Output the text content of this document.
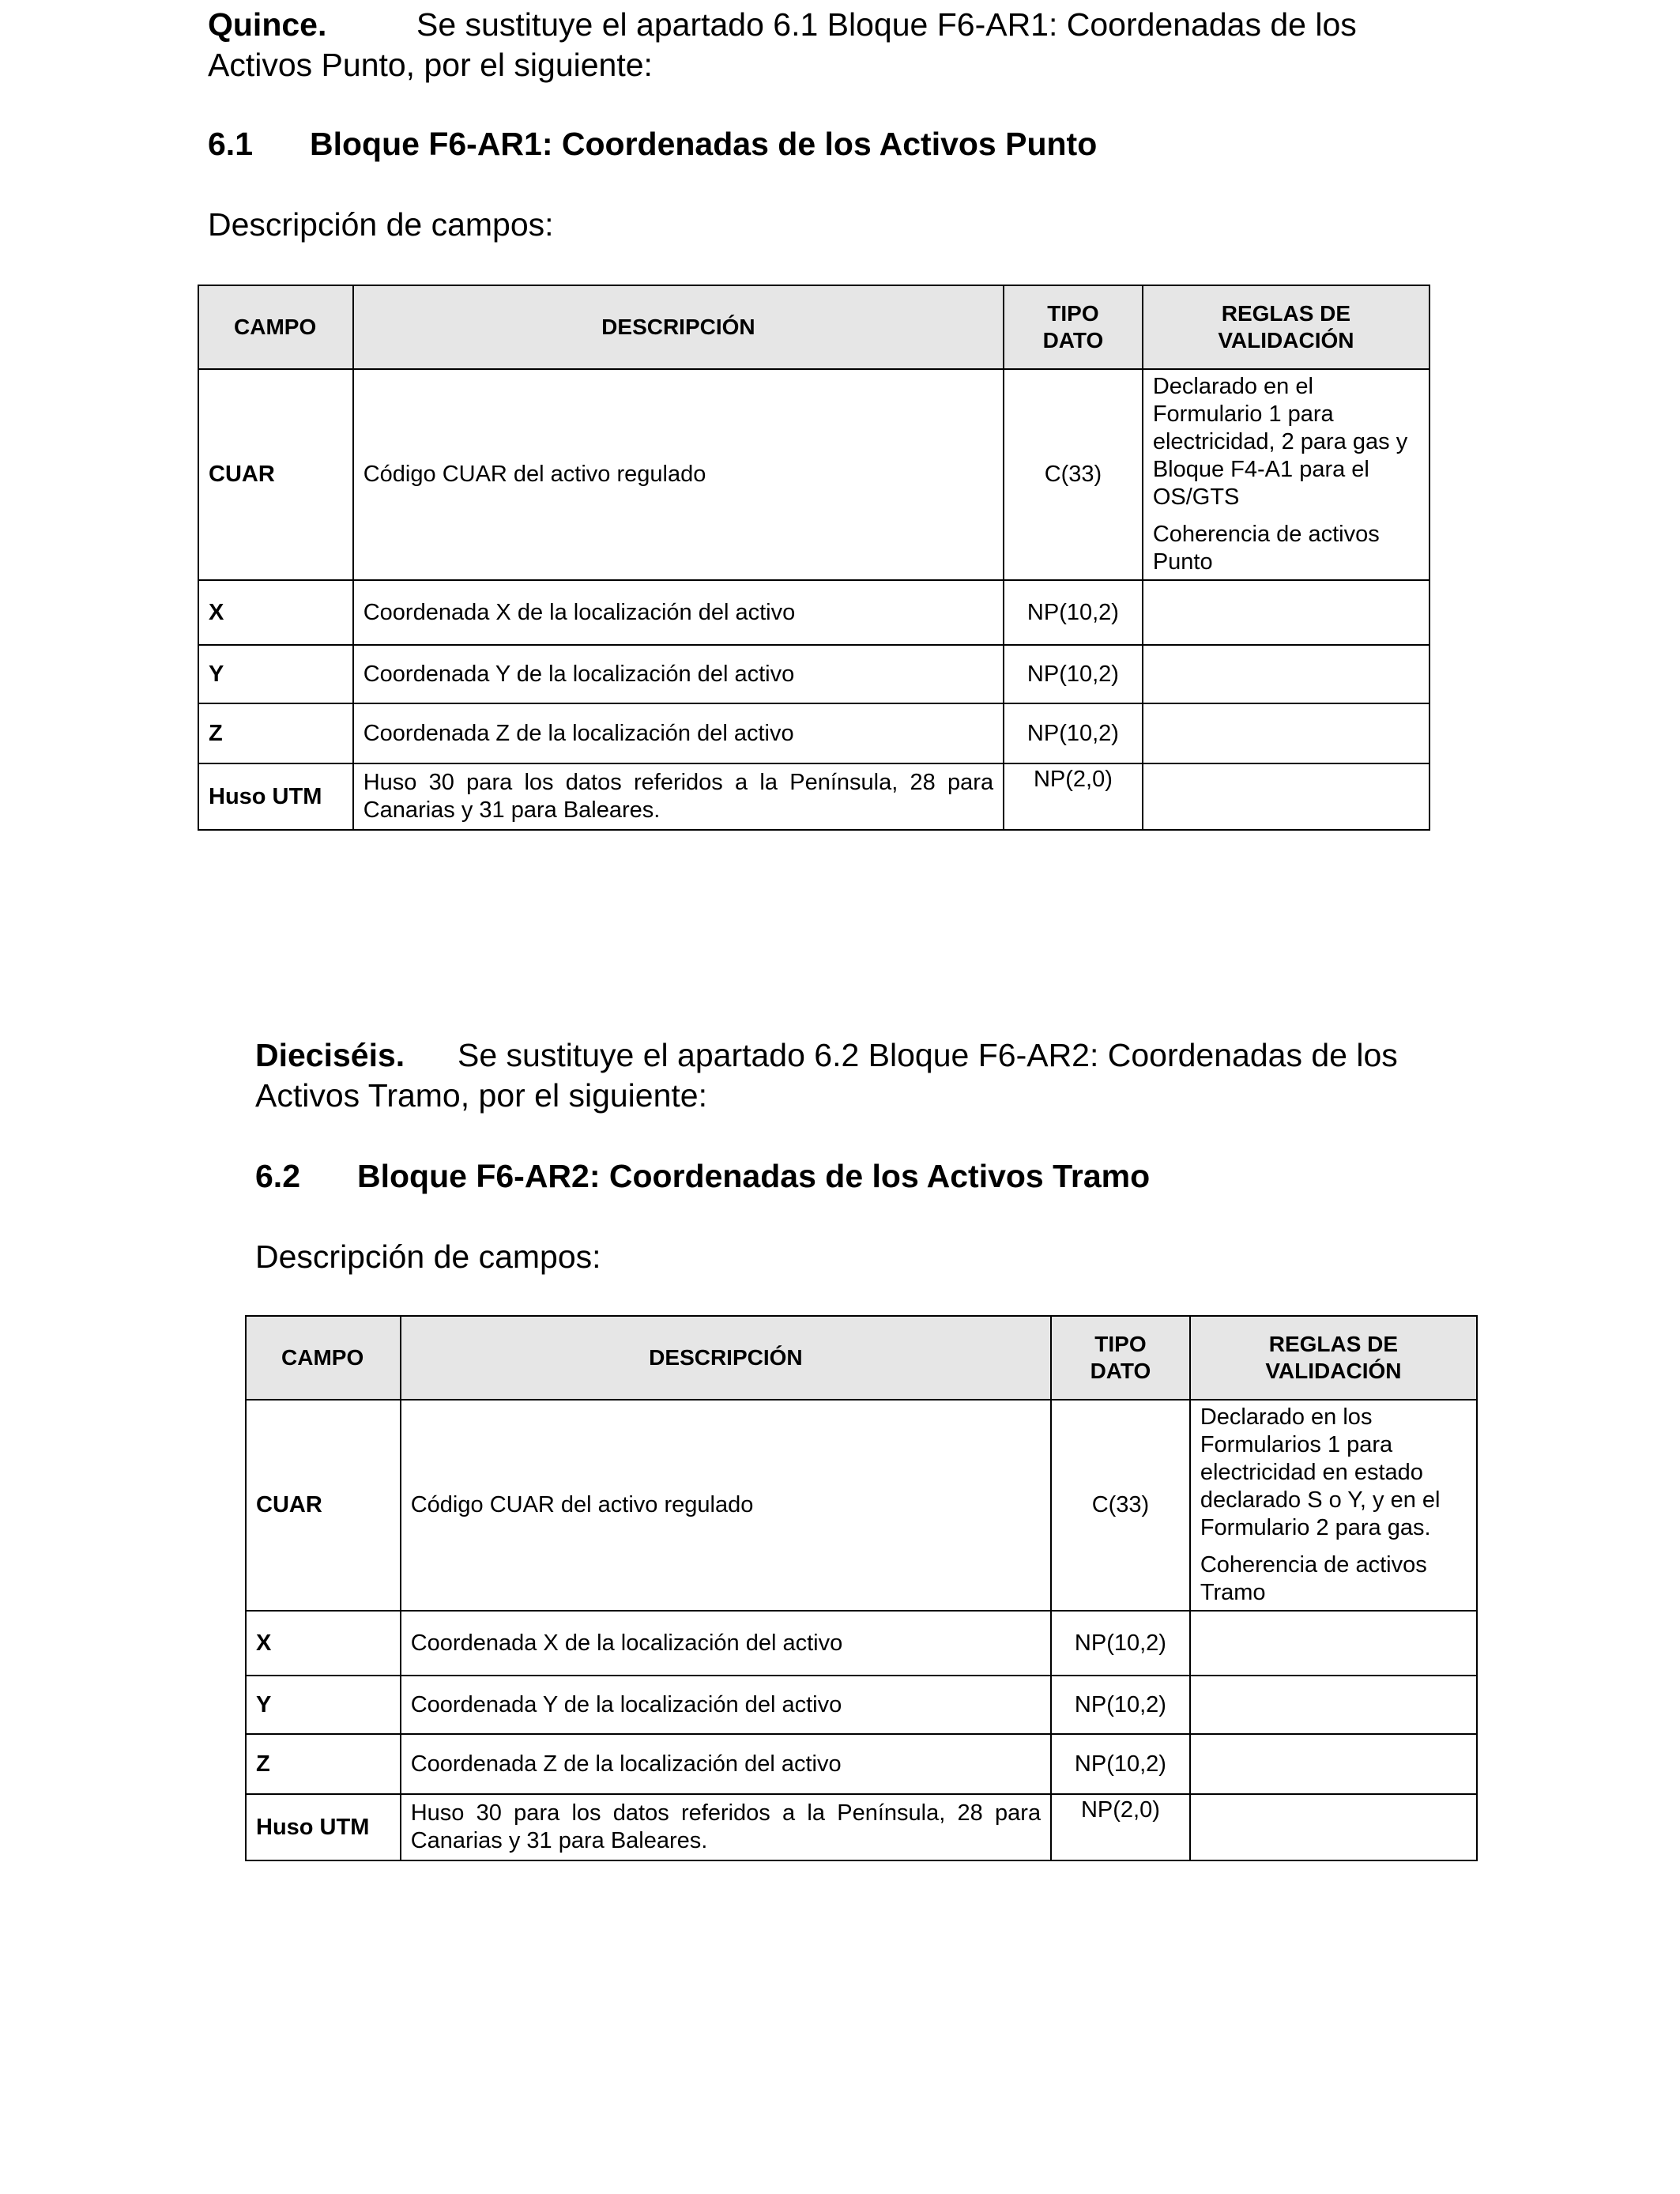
Quince.	Se sustituye el apartado 6.1 Bloque F6-AR1: Coordenadas de los
Activos Punto, por el siguiente:

6.1 Bloque F6-AR1: Coordenadas de los Activos Punto

Descripción de campos:

CAMPO	DESCRIPCIÓN	TIPO DATO	REGLAS DE VALIDACIÓN
CUAR	Código CUAR del activo regulado	C(33)	Declarado en el Formulario 1 para electricidad, 2 para gas y Bloque F4-A1 para el OS/GTS

Coherencia de activos Punto

X	Coordenada X de la localización del activo	NP(10,2)	
Y	Coordenada Y de la localización del activo	NP(10,2)	
Z	Coordenada Z de la localización del activo	NP(10,2)	
Huso UTM	Huso 30 para los datos referidos a la Península, 28 para Canarias y 31 para Baleares.	NP(2,0)	

Dieciséis. Se sustituye el apartado 6.2 Bloque F6-AR2: Coordenadas de los
Activos Tramo, por el siguiente:

6.2 Bloque F6-AR2: Coordenadas de los Activos Tramo

Descripción de campos:

CAMPO	DESCRIPCIÓN	TIPO DATO	REGLAS DE VALIDACIÓN
CUAR	Código CUAR del activo regulado	C(33)	Declarado en los Formularios 1 para electricidad en estado declarado S o Y, y en el Formulario 2 para gas.

Coherencia de activos Tramo

X	Coordenada X de la localización del activo	NP(10,2)	
Y	Coordenada Y de la localización del activo	NP(10,2)	
Z	Coordenada Z de la localización del activo	NP(10,2)	
Huso UTM	Huso 30 para los datos referidos a la Península, 28 para Canarias y 31 para Baleares.	NP(2,0)	
